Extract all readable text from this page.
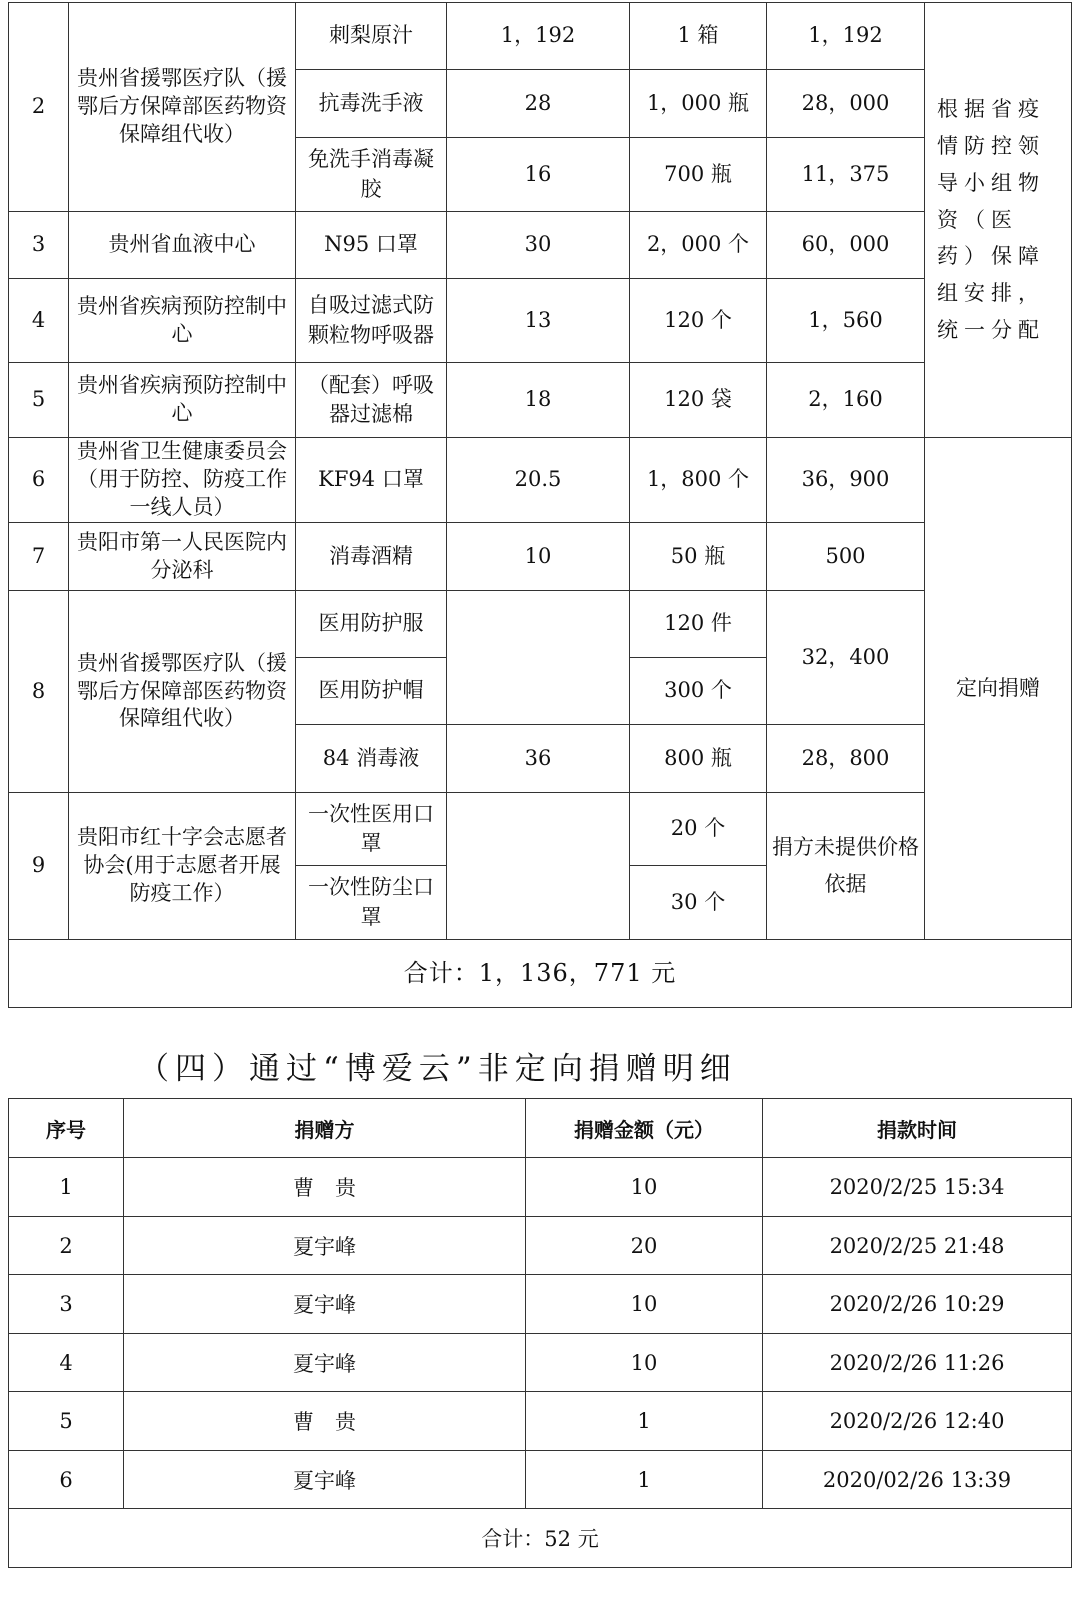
2	贵州省援鄂医疗队（援鄂后方保障部医药物资保障组代收）	刺梨原汁	1，192	1 箱	1，192	根据省疫情防控领导小组物资（医药）保障组安排，统一分配
		抗毒洗手液	28	1，000 瓶	28，000	
		免洗手消毒凝胶	16	700 瓶	11，375	
3	贵州省血液中心	N95 口罩	30	2，000 个	60，000	
4	贵州省疾病预防控制中心	自吸过滤式防颗粒物呼吸器	13	120 个	1，560	
5	贵州省疾病预防控制中心	（配套）呼吸器过滤棉	18	120 袋	2，160	
6	贵州省卫生健康委员会（用于防控、防疫工作一线人员）	KF94 口罩	20.5	1，800 个	36，900	定向捐赠
7	贵阳市第一人民医院内分泌科	消毒酒精	10	50 瓶	500	
8	贵州省援鄂医疗队（援鄂后方保障部医药物资保障组代收）	医用防护服		120 件	32，400	
		医用防护帽		300 个		
		84 消毒液	36	800 瓶	28，800	
9	贵阳市红十字会志愿者协会(用于志愿者开展防疫工作）	一次性医用口罩		20 个	捐方未提供价格依据	
		一次性防尘口罩		30 个		
合计：1，136，771 元						
（四）通过“博爱云”非定向捐赠明细
序号	捐赠方	捐赠金额（元）	捐款时间
1	曹　贵	10	2020/2/25 15:34
2	夏宇峰	20	2020/2/25 21:48
3	夏宇峰	10	2020/2/26 10:29
4	夏宇峰	10	2020/2/26 11:26
5	曹　贵	1	2020/2/26 12:40
6	夏宇峰	1	2020/02/26 13:39
合计：52 元			
